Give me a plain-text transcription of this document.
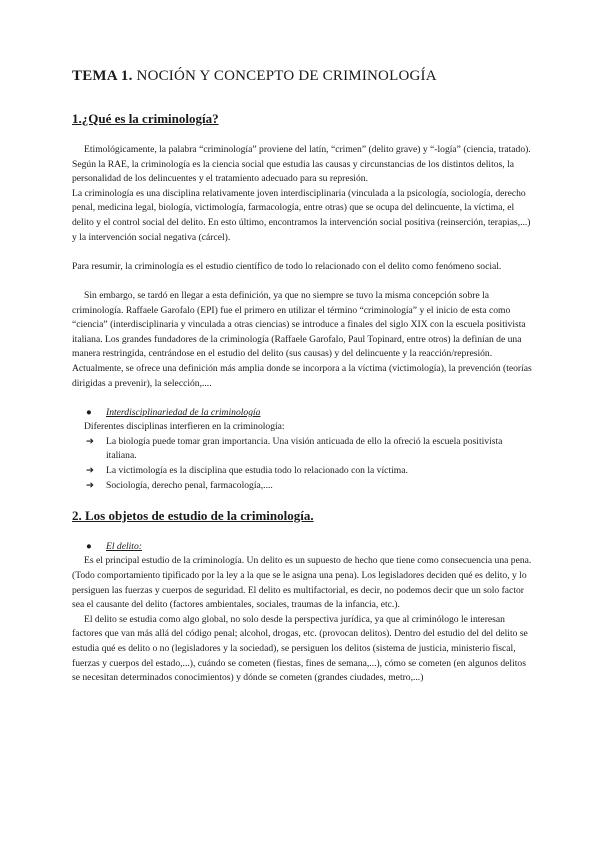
TEMA 1. NOCIÓN Y CONCEPTO DE CRIMINOLOGÍA
1.¿Qué es la criminología?

Etimológicamente, la palabra “criminología” proviene del latín, “crimen” (delito grave) y “-logía” (ciencia, tratado).

Según la RAE, la criminología es la ciencia social que estudia las causas y circunstancias de los distintos delitos, la personalidad de los delincuentes y el tratamiento adecuado para su represión.

La criminología es una disciplina relativamente joven interdisciplinaria (vinculada a la psicología, sociología, derecho penal, medicina legal, biología, victimología, farmacología, entre otras) que se ocupa del delincuente, la víctima, el delito y el control social del delito. En esto último, encontramos la intervención social positiva (reinserción, terapias,...) y la intervención social negativa (cárcel).

Para resumir, la criminología es el estudio científico de todo lo relacionado con el delito como fenómeno social.

Sin embargo, se tardó en llegar a esta definición, ya que no siempre se tuvo la misma concepción sobre la criminología. Raffaele Garofalo (EPI) fue el primero en utilizar el término “criminología” y el inicio de esta como “ciencia” (interdisciplinaria y vinculada a otras ciencias) se introduce a finales del siglo XIX con la escuela positivista italiana. Los grandes fundadores de la criminología (Raffaele Garofalo, Paul Topinard, entre otros) la definían de una manera restringida, centrándose en el estudio del delito (sus causas) y del delincuente y la reacción/represión. Actualmente, se ofrece una definición más amplia donde se incorpora a la víctima (victimología), la prevención (teorías dirigidas a prevenir), la selección,....

● Interdisciplinariedad de la criminología

Diferentes disciplinas interfieren en la criminología:

➔ La biología puede tomar gran importancia. Una visión anticuada de ello la ofreció la escuela positivista italiana.
➔ La victimología es la disciplina que estudia todo lo relacionado con la víctima.
➔ Sociología, derecho penal, farmacología,....
2. Los objetos de estudio de la criminología.
● El delito:

Es el principal estudio de la criminología. Un delito es un supuesto de hecho que tiene como consecuencia una pena. (Todo comportamiento tipificado por la ley a la que se le asigna una pena). Los legisladores deciden qué es delito, y lo persiguen las fuerzas y cuerpos de seguridad. El delito es multifactorial, es decir, no podemos decir que un solo factor sea el causante del delito (factores ambientales, sociales, traumas de la infancia, etc.).

El delito se estudia como algo global, no solo desde la perspectiva jurídica, ya que al criminólogo le interesan factores que van más allá del código penal; alcohol, drogas, etc. (provocan delitos). Dentro del estudio del del delito se estudia qué es delito o no (legisladores y la sociedad), se persiguen los delitos (sistema de justicia, ministerio fiscal, fuerzas y cuerpos del estado,...), cuándo se cometen (fiestas, fines de semana,...), cómo se cometen (en algunos delitos se necesitan determinados conocimientos) y dónde se cometen (grandes ciudades, metro,...)
